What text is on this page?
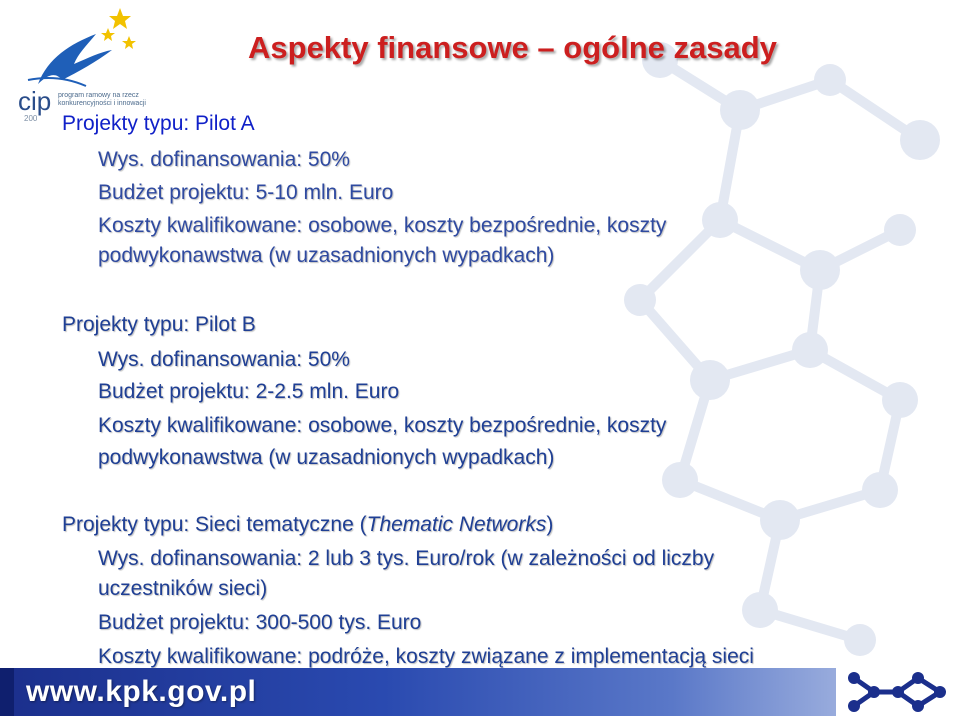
cip program ramowy na rzecz
konkurencyjności i innowacji
200
Aspekty finansowe – ogólne zasady
Projekty typu: Pilot A
Wys. dofinansowania: 50%
Budżet projektu: 5-10 mln. Euro
Koszty kwalifikowane: osobowe, koszty bezpośrednie, koszty
podwykonawstwa (w uzasadnionych wypadkach)
Projekty typu: Pilot B
Wys. dofinansowania: 50%
Budżet projektu: 2-2.5 mln. Euro
Koszty kwalifikowane: osobowe, koszty bezpośrednie, koszty
podwykonawstwa (w uzasadnionych wypadkach)
Projekty typu: Sieci tematyczne (Thematic Networks)
Wys. dofinansowania: 2 lub 3 tys. Euro/rok (w zależności od liczby
uczestników sieci)
Budżet projektu: 300-500 tys. Euro
Koszty kwalifikowane: podróże, koszty związane z implementacją sieci
www.kpk.gov.pl
